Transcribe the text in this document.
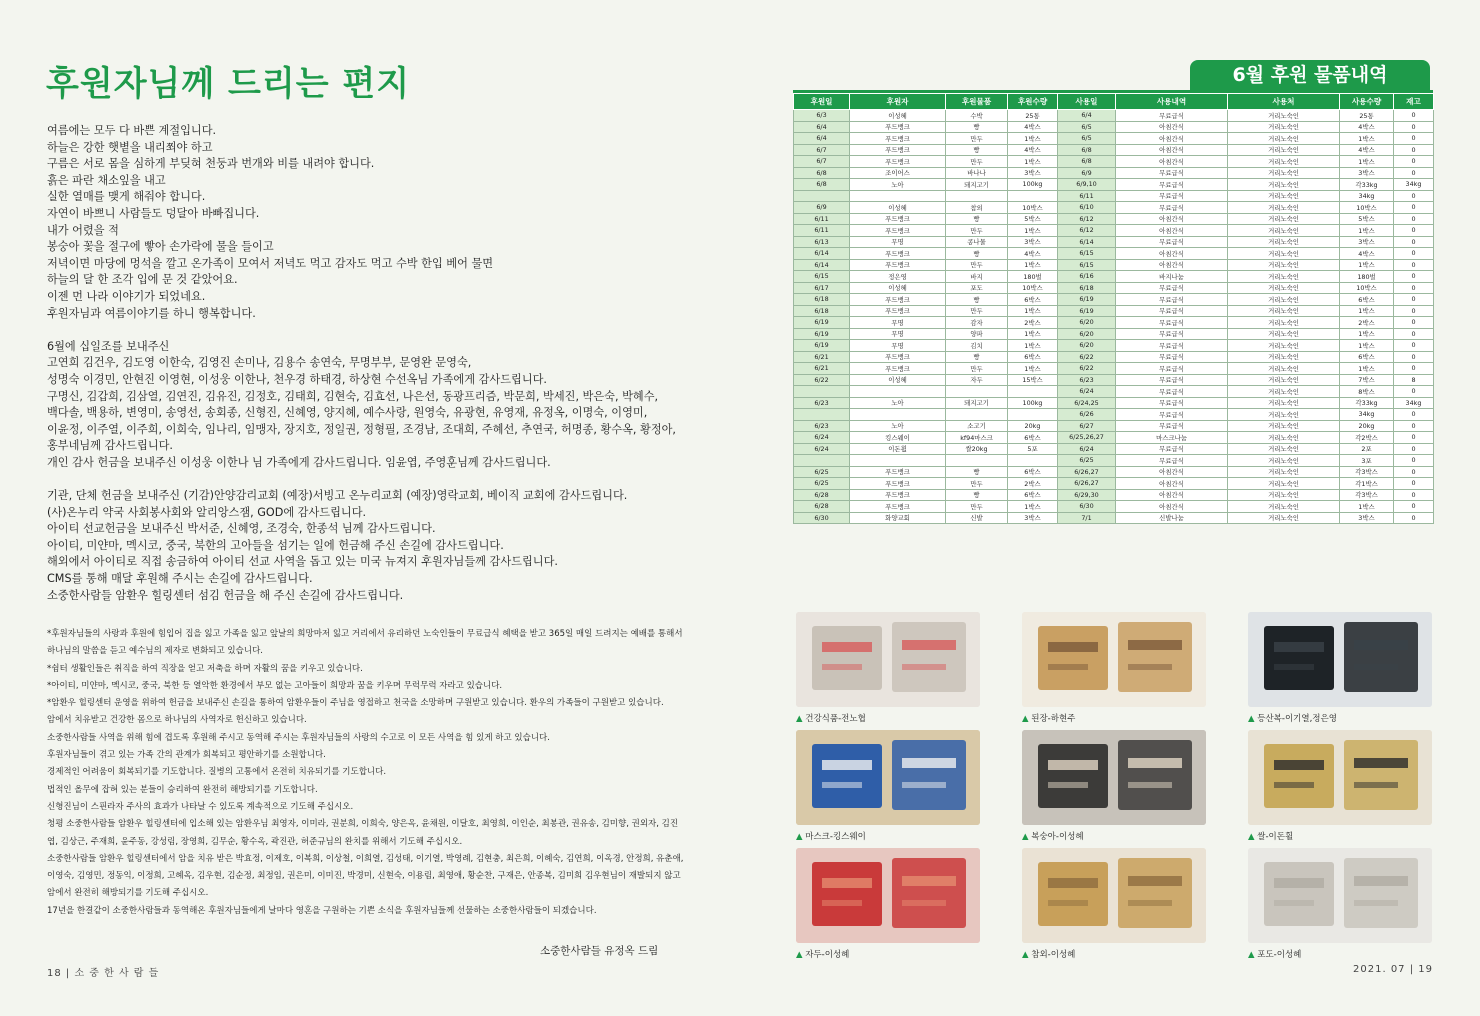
후원자님께 드리는 편지
여름에는 모두 다 바쁜 계절입니다.
하늘은 강한 햇볕을 내리쬐야 하고
구름은 서로 몸을 심하게 부딪혀 천둥과 번개와 비를 내려야 합니다.
흙은 파란 채소잎을 내고
실한 열매를 맺게 해줘야 합니다.
자연이 바쁘니 사람들도 덩달아 바빠집니다.
내가 어렸을 적
봉숭아 꽃을 절구에 빻아 손가락에 물을 들이고
저녁이면 마당에 멍석을 깔고 온가족이 모여서 저녁도 먹고 감자도 먹고 수박 한입 베어 물면
하늘의 달 한 조각 입에 문 것 같았어요.
이젠 먼 나라 이야기가 되었네요.
후원자님과 여름이야기를 하니 행복합니다.
6월에 십일조를 보내주신
고연희 김건우, 김도영 이한숙, 김영진 손미나, 김용수 송연숙, 무명부부, 문영완 문영숙,
성명숙 이경민, 안현진 이영현, 이성웅 이한나, 천우경 하태경, 하상현 수선옥님 가족에게 감사드립니다.
구명신, 김갑희, 김삼열, 김연진, 김유진, 김정호, 김태희, 김현숙, 김효선, 나은선, 동광프리즘, 박문희, 박세진, 박은숙, 박혜수,
백다솔, 백용하, 변영미, 송영선, 송회종, 신형진, 신혜영, 양지혜, 예수사랑, 원영숙, 유광현, 유영재, 유정옥, 이명숙, 이영미,
이윤정, 이주열, 이주희, 이희숙, 임나리, 임맹자, 장지호, 정일권, 정형필, 조경남, 조대희, 주혜선, 추연국, 허명종, 황수옥, 황정아,
홍부네님께 감사드립니다.
개인 감사 헌금을 보내주신 이성웅 이한나 님 가족에게 감사드립니다. 임윤엽, 주영훈님께 감사드립니다.
기관, 단체 헌금을 보내주신 (기감)안양감리교회 (예장)서빙고 온누리교회 (예장)영락교회, 베이직 교회에 감사드립니다.
(사)온누리 약국 사회봉사회와 알리앙스잼, GOD에 감사드립니다.
아이티 선교헌금을 보내주신 박서준, 신혜영, 조경숙, 한종석 님께 감사드립니다.
아이티, 미얀마, 멕시코, 중국, 북한의 고아들을 섬기는 일에 헌금해 주신 손길에 감사드립니다.
해외에서 아이티로 직접 송금하여 아이티 선교 사역을 돕고 있는 미국 뉴져지 후원자님들께 감사드립니다.
CMS를 통해 매달 후원해 주시는 손길에 감사드립니다.
소중한사람들 암환우 힐링센터 섬김 헌금을 해 주신 손길에 감사드립니다.
*후원자님들의 사랑과 후원에 힘입어 집을 잃고 가족을 잃고 앞날의 희망마저 잃고 거리에서 유리하던 노숙인들이 무료급식 혜택을 받고 365일 매일 드려지는 예배를 통해서 하나님의 말씀을 듣고 예수님의 제자로 변화되고 있습니다.
*쉼터 생활인들은 취직을 하여 직장을 얻고 저축을 하며 자활의 꿈을 키우고 있습니다.
*아이티, 미얀마, 멕시코, 중국, 북한 등 열악한 환경에서 부모 없는 고아들이 희망과 꿈을 키우며 무럭무럭 자라고 있습니다.
*암환우 힐링센터 운영을 위하여 헌금을 보내주신 손길을 통하여 암환우들이 주님을 영접하고 천국을 소망하며 구원받고 있습니다. 환우의 가족들이 구원받고 있습니다.
암에서 치유받고 건강한 몸으로 하나님의 사역자로 헌신하고 있습니다.
소중한사람들 사역을 위해 힘에 겹도록 후원해 주시고 동역해 주시는 후원자님들의 사랑의 수고로 이 모든 사역을 힘 있게 하고 있습니다.
후원자님들이 겪고 있는 가족 간의 관계가 회복되고 평안하기를 소원합니다.
경제적인 어려움이 회복되기를 기도합니다. 질병의 고통에서 온전히 치유되기를 기도합니다.
법적인 올무에 잡혀 있는 분들이 승리하여 완전히 해방되기를 기도합니다.
신형진님이 스핀라자 주사의 효과가 나타날 수 있도록 계속적으로 기도해 주십시오.
청평 소중한사람들 암환우 힐링센터에 입소해 있는 암환우님 최영자, 이미라, 권분희, 이희숙, 양은옥, 윤채원, 이달호, 최영희, 이인순, 최봉관, 권유송, 김미향, 권외자, 김진엽, 김상근, 주재희, 윤주동, 강성림, 장영희, 김무순, 황수옥, 곽진관, 허준규님의 완치를 위해서 기도해 주십시오.
소중한사람들 암환우 힐링센터에서 암을 치유 받은 박효정, 이제호, 이복희, 이상철, 이희열, 김성태, 이기열, 박영례, 김현충, 최은희, 이혜숙, 김연희, 이옥경, 안정희, 유춘애, 이영숙, 김영민, 정동익, 이정희, 고혜옥, 김우현, 김순정, 최정임, 권은미, 이미진, 박경미, 신현숙, 이용림, 최영애, 황순찬, 구재은, 안종복, 김미희 김우현님이 재발되지 않고 암에서 완전히 해방되기를 기도해 주십시오.
17년을 한결같이 소중한사람들과 동역해온 후원자님들에게 날마다 영혼을 구원하는 기쁜 소식을 후원자님들께 선물하는 소중한사람들이 되겠습니다.
소중한사람들 유정옥 드림
18 | 소 중 한 사 람 들
6월 후원 물품내역
후원일	후원자	후원물품	후원수량	사용일	사용내역	사용처	사용수량	재고
6/3	이성혜	수박	25통	6/4	무료급식	거리노숙인	25통	0
6/4	푸드뱅크	빵	4박스	6/5	아침간식	거리노숙인	4박스	0
6/4	푸드뱅크	만두	1박스	6/5	아침간식	거리노숙인	1박스	0
6/7	푸드뱅크	빵	4박스	6/8	아침간식	거리노숙인	4박스	0
6/7	푸드뱅크	만두	1박스	6/8	아침간식	거리노숙인	1박스	0
6/8	조이어스	바나나	3박스	6/9	무료급식	거리노숙인	3박스	0
6/8	노아	돼지고기	100kg	6/9,10	무료급식	거리노숙인	각33kg	34kg
				6/11	무료급식	거리노숙인	34kg	0
6/9	이성혜	참외	10박스	6/10	무료급식	거리노숙인	10박스	0
6/11	푸드뱅크	빵	5박스	6/12	아침간식	거리노숙인	5박스	0
6/11	푸드뱅크	만두	1박스	6/12	아침간식	거리노숙인	1박스	0
6/13	무명	콩나물	3박스	6/14	무료급식	거리노숙인	3박스	0
6/14	푸드뱅크	빵	4박스	6/15	아침간식	거리노숙인	4박스	0
6/14	푸드뱅크	만두	1박스	6/15	아침간식	거리노숙인	1박스	0
6/15	정은영	바지	180벌	6/16	바지나눔	거리노숙인	180벌	0
6/17	이성혜	포도	10박스	6/18	무료급식	거리노숙인	10박스	0
6/18	푸드뱅크	빵	6박스	6/19	무료급식	거리노숙인	6박스	0
6/18	푸드뱅크	만두	1박스	6/19	무료급식	거리노숙인	1박스	0
6/19	무명	감자	2박스	6/20	무료급식	거리노숙인	2박스	0
6/19	무명	양파	1박스	6/20	무료급식	거리노숙인	1박스	0
6/19	무명	김치	1박스	6/20	무료급식	거리노숙인	1박스	0
6/21	푸드뱅크	빵	6박스	6/22	무료급식	거리노숙인	6박스	0
6/21	푸드뱅크	만두	1박스	6/22	무료급식	거리노숙인	1박스	0
6/22	이성혜	자두	15박스	6/23	무료급식	거리노숙인	7박스	8
				6/24	무료급식	거리노숙인	8박스	0
6/23	노아	돼지고기	100kg	6/24,25	무료급식	거리노숙인	각33kg	34kg
				6/26	무료급식	거리노숙인	34kg	0
6/23	노아	소고기	20kg	6/27	무료급식	거리노숙인	20kg	0
6/24	킹스웨이	kf94마스크	6박스	6/25,26,27	마스크나눔	거리노숙인	각2박스	0
6/24	이돈휠	쌀20kg	5포	6/24	무료급식	거리노숙인	2포	0
				6/25	무료급식	거리노숙인	3포	0
6/25	푸드뱅크	빵	6박스	6/26,27	아침간식	거리노숙인	각3박스	0
6/25	푸드뱅크	만두	2박스	6/26,27	아침간식	거리노숙인	각1박스	0
6/28	푸드뱅크	빵	6박스	6/29,30	아침간식	거리노숙인	각3박스	0
6/28	푸드뱅크	만두	1박스	6/30	아침간식	거리노숙인	1박스	0
6/30	화양교회	신발	3박스	7/1	신발나눔	거리노숙인	3박스	0
▲ 건강식품-전노협	▲ 된장-하현주	▲ 등산복-이기열,정은영
▲ 마스크-킹스웨이	▲ 복숭아-이성혜	▲ 쌀-이돈휠
▲ 자두-이성혜	▲ 참외-이성혜	▲ 포도-이성혜
2021. 07 | 19
